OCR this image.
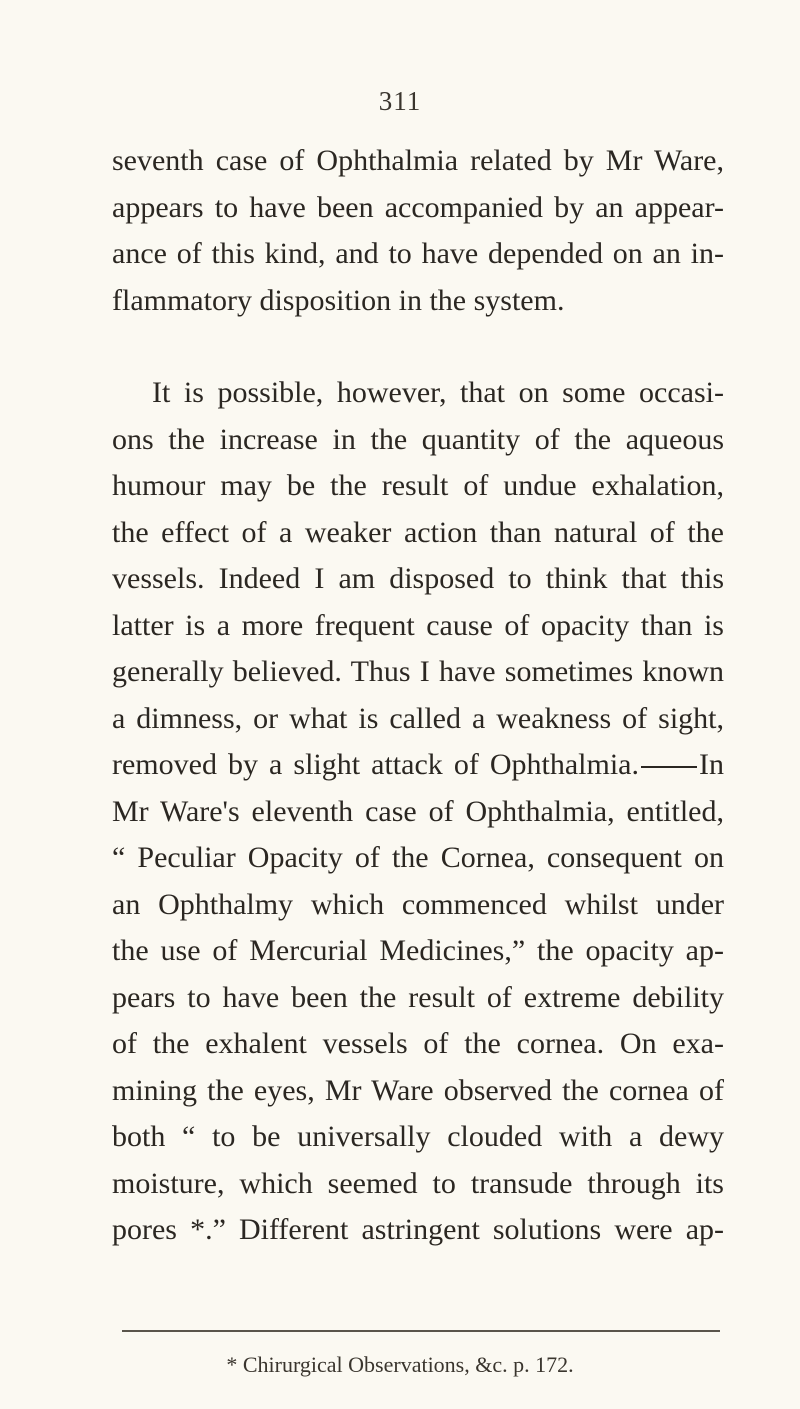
311
seventh case of Ophthalmia related by Mr Ware,
appears to have been accompanied by an appear-
ance of this kind, and to have depended on an in-
flammatory disposition in the system.
It is possible, however, that on some occasi-
ons the increase in the quantity of the aqueous
humour may be the result of undue exhalation,
the effect of a weaker action than natural of the
vessels. Indeed I am disposed to think that this
latter is a more frequent cause of opacity than is
generally believed. Thus I have sometimes known
a dimness, or what is called a weakness of sight,
removed by a slight attack of Ophthalmia. In
Mr Ware's eleventh case of Ophthalmia, entitled,
“ Peculiar Opacity of the Cornea, consequent on
an Ophthalmy which commenced whilst under
the use of Mercurial Medicines,” the opacity ap-
pears to have been the result of extreme debility
of the exhalent vessels of the cornea. On exa-
mining the eyes, Mr Ware observed the cornea of
both “ to be universally clouded with a dewy
moisture, which seemed to transude through its
pores *.” Different astringent solutions were ap-
* Chirurgical Observations, &c. p. 172.
